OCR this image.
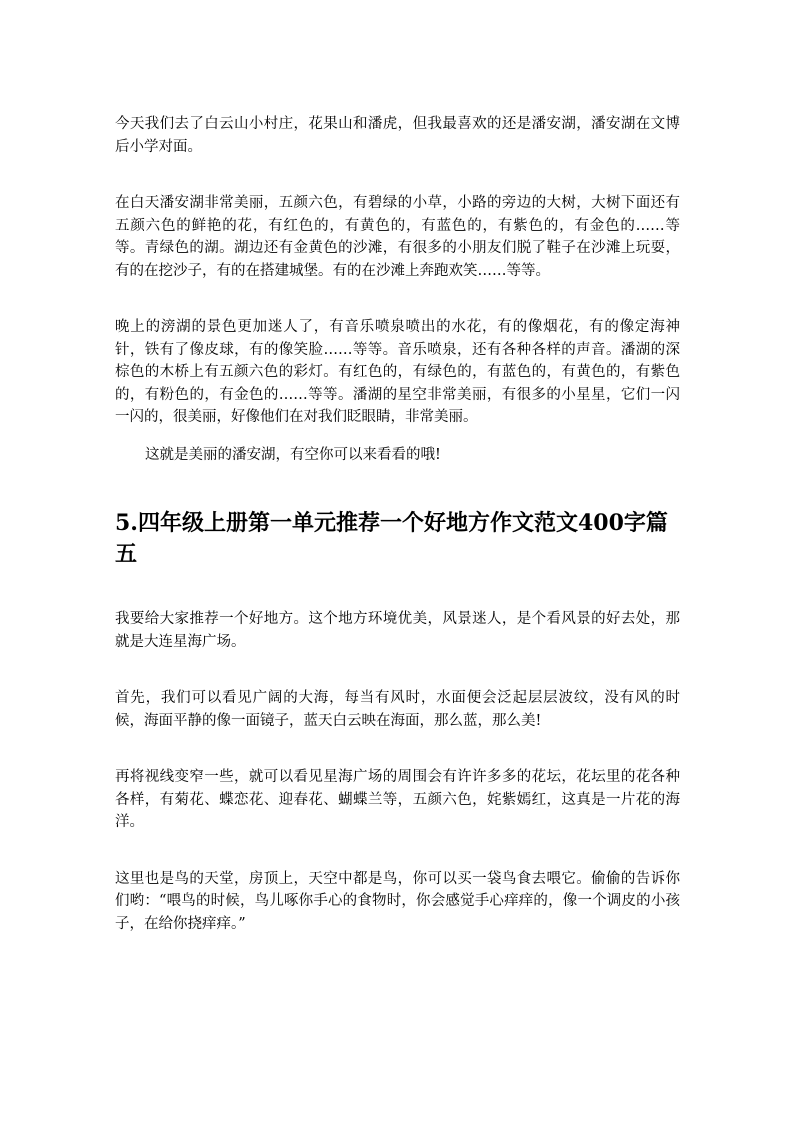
今天我们去了白云山小村庄，花果山和潘虎，但我最喜欢的还是潘安湖，潘安湖在文博后小学对面。

在白天潘安湖非常美丽，五颜六色，有碧绿的小草，小路的旁边的大树，大树下面还有五颜六色的鲜艳的花，有红色的，有黄色的，有蓝色的，有紫色的，有金色的……等等。青绿色的湖。湖边还有金黄色的沙滩，有很多的小朋友们脱了鞋子在沙滩上玩耍，有的在挖沙子，有的在搭建城堡。有的在沙滩上奔跑欢笑……等等。

晚上的滂湖的景色更加迷人了，有音乐喷泉喷出的水花，有的像烟花，有的像定海神针，铁有了像皮球，有的像笑脸……等等。音乐喷泉，还有各种各样的声音。潘湖的深棕色的木桥上有五颜六色的彩灯。有红色的，有绿色的，有蓝色的，有黄色的，有紫色的，有粉色的，有金色的……等等。潘湖的星空非常美丽，有很多的小星星，它们一闪一闪的，很美丽，好像他们在对我们眨眼睛，非常美丽。

这就是美丽的潘安湖，有空你可以来看看的哦!

5.四年级上册第一单元推荐一个好地方作文范文400字篇五

我要给大家推荐一个好地方。这个地方环境优美，风景迷人，是个看风景的好去处，那就是大连星海广场。

首先，我们可以看见广阔的大海，每当有风时，水面便会泛起层层波纹，没有风的时候，海面平静的像一面镜子，蓝天白云映在海面，那么蓝，那么美!

再将视线变窄一些，就可以看见星海广场的周围会有许许多多的花坛，花坛里的花各种各样，有菊花、蝶恋花、迎春花、蝴蝶兰等，五颜六色，姹紫嫣红，这真是一片花的海洋。

这里也是鸟的天堂，房顶上，天空中都是鸟，你可以买一袋鸟食去喂它。偷偷的告诉你们哟：“喂鸟的时候，鸟儿啄你手心的食物时，你会感觉手心痒痒的，像一个调皮的小孩子，在给你挠痒痒。”
